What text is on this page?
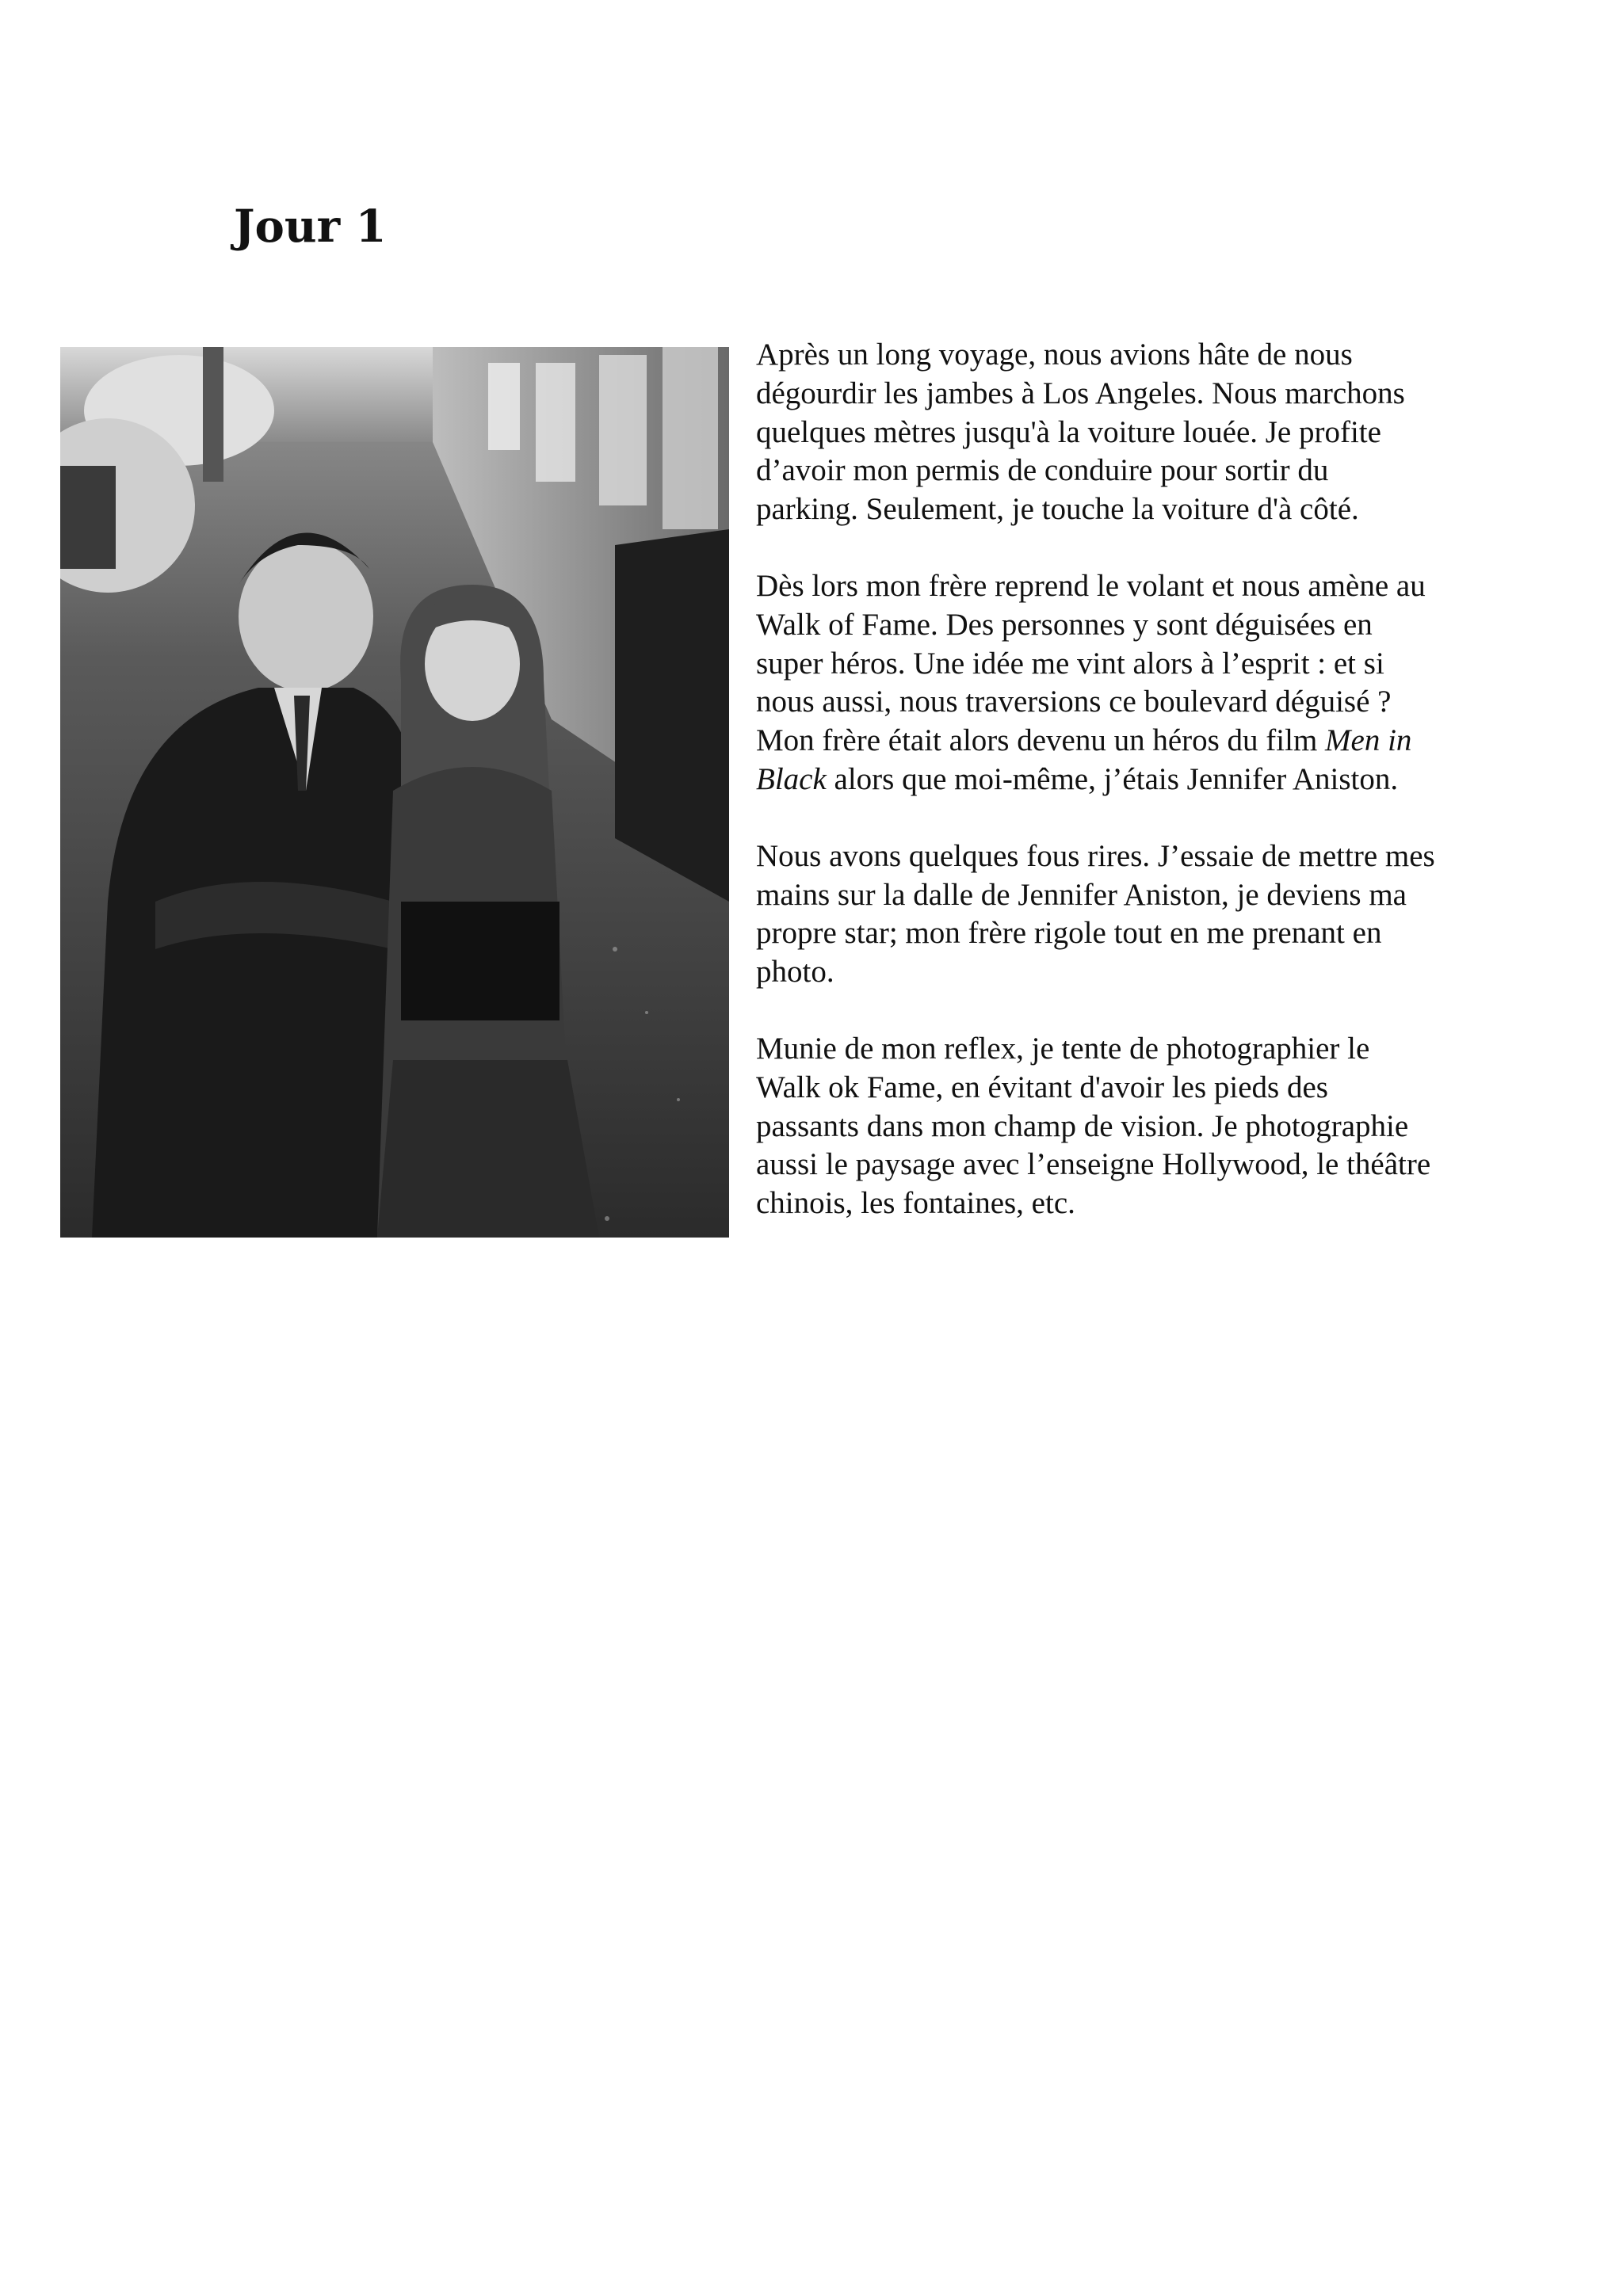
Jour 1

Après un long voyage, nous avions hâte de nous
dégourdir les jambes à Los Angeles. Nous marchons
quelques mètres jusqu'à la voiture louée. Je profite
d’avoir mon permis de conduire pour sortir du
parking. Seulement, je touche la voiture d'à côté.

Dès lors mon frère reprend le volant et nous amène au
Walk of Fame. Des personnes y sont déguisées en
super héros. Une idée me vint alors à l’esprit : et si
nous aussi, nous traversions ce boulevard déguisé ?
Mon frère était alors devenu un héros du film Men in
Black alors que moi-même, j’étais Jennifer Aniston.

Nous avons quelques fous rires. J’essaie de mettre mes
mains sur la dalle de Jennifer Aniston, je deviens ma
propre star; mon frère rigole tout en me prenant en
photo.

Munie de mon reflex, je tente de photographier le
Walk ok Fame, en évitant d'avoir les pieds des
passants dans mon champ de vision. Je photographie
aussi le paysage avec l’enseigne Hollywood, le théâtre
chinois, les fontaines, etc.
